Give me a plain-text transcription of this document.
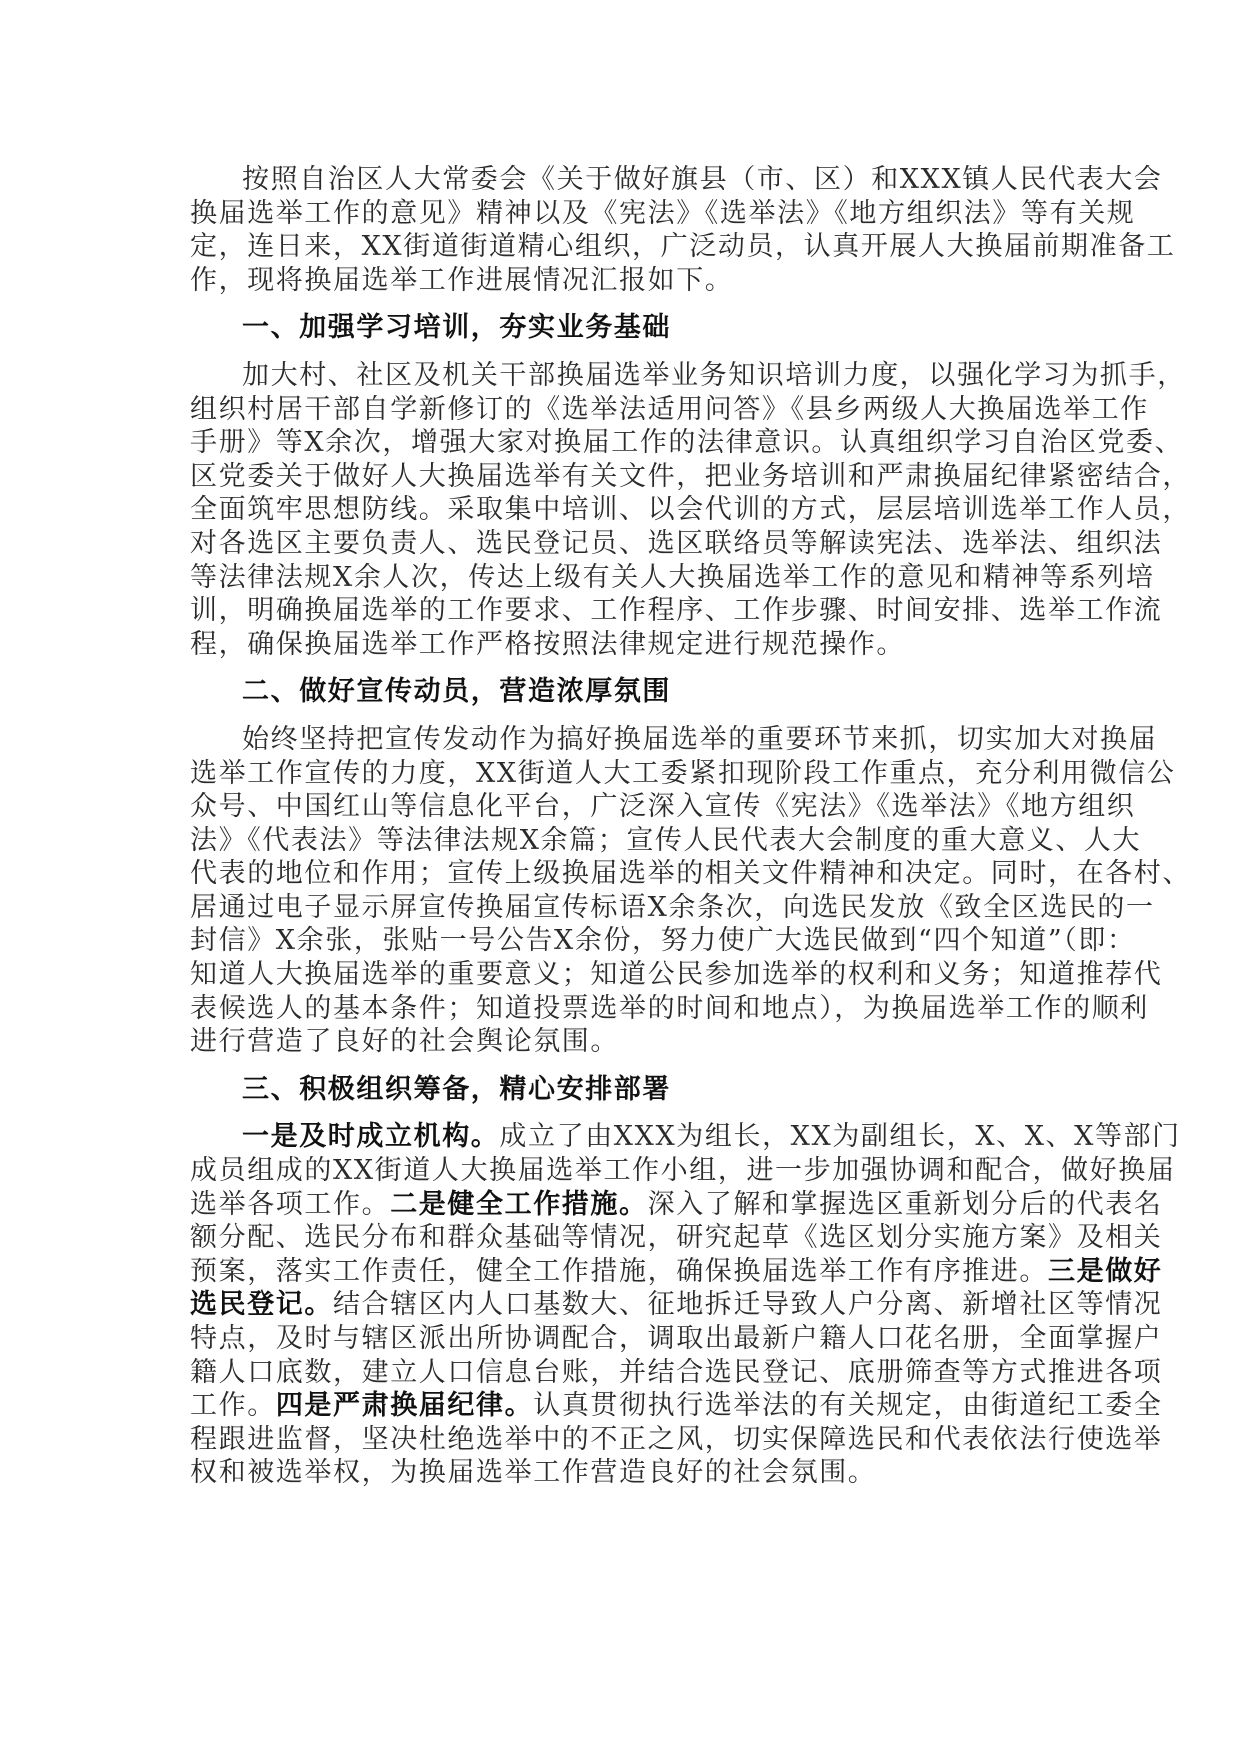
按照自治区人大常委会《关于做好旗县（市、区）和XXX镇人民代表大会
换届选举工作的意见》精神以及《宪法》《选举法》《地方组织法》等有关规
定，连日来，XX街道街道精心组织，广泛动员，认真开展人大换届前期准备工
作，现将换届选举工作进展情况汇报如下。
一、加强学习培训，夯实业务基础
加大村、社区及机关干部换届选举业务知识培训力度，以强化学习为抓手，
组织村居干部自学新修订的《选举法适用问答》《县乡两级人大换届选举工作
手册》等X余次，增强大家对换届工作的法律意识。认真组织学习自治区党委、
区党委关于做好人大换届选举有关文件，把业务培训和严肃换届纪律紧密结合，
全面筑牢思想防线。采取集中培训、以会代训的方式，层层培训选举工作人员，
对各选区主要负责人、选民登记员、选区联络员等解读宪法、选举法、组织法
等法律法规X余人次，传达上级有关人大换届选举工作的意见和精神等系列培
训，明确换届选举的工作要求、工作程序、工作步骤、时间安排、选举工作流
程，确保换届选举工作严格按照法律规定进行规范操作。
二、做好宣传动员，营造浓厚氛围
始终坚持把宣传发动作为搞好换届选举的重要环节来抓，切实加大对换届
选举工作宣传的力度，XX街道人大工委紧扣现阶段工作重点，充分利用微信公
众号、中国红山等信息化平台，广泛深入宣传《宪法》《选举法》《地方组织
法》《代表法》等法律法规X余篇；宣传人民代表大会制度的重大意义、人大
代表的地位和作用；宣传上级换届选举的相关文件精神和决定。同时，在各村、
居通过电子显示屏宣传换届宣传标语X余条次，向选民发放《致全区选民的一
封信》X余张，张贴一号公告X余份，努力使广大选民做到“四个知道”（即：
知道人大换届选举的重要意义；知道公民参加选举的权利和义务；知道推荐代
表候选人的基本条件；知道投票选举的时间和地点），为换届选举工作的顺利
进行营造了良好的社会舆论氛围。
三、积极组织筹备，精心安排部署
一是及时成立机构。成立了由XXX为组长，XX为副组长，X、X、X等部门
成员组成的XX街道人大换届选举工作小组，进一步加强协调和配合，做好换届
选举各项工作。二是健全工作措施。深入了解和掌握选区重新划分后的代表名
额分配、选民分布和群众基础等情况，研究起草《选区划分实施方案》及相关
预案，落实工作责任，健全工作措施，确保换届选举工作有序推进。三是做好
选民登记。结合辖区内人口基数大、征地拆迁导致人户分离、新增社区等情况
特点，及时与辖区派出所协调配合，调取出最新户籍人口花名册，全面掌握户
籍人口底数，建立人口信息台账，并结合选民登记、底册筛查等方式推进各项
工作。四是严肃换届纪律。认真贯彻执行选举法的有关规定，由街道纪工委全
程跟进监督，坚决杜绝选举中的不正之风，切实保障选民和代表依法行使选举
权和被选举权，为换届选举工作营造良好的社会氛围。
